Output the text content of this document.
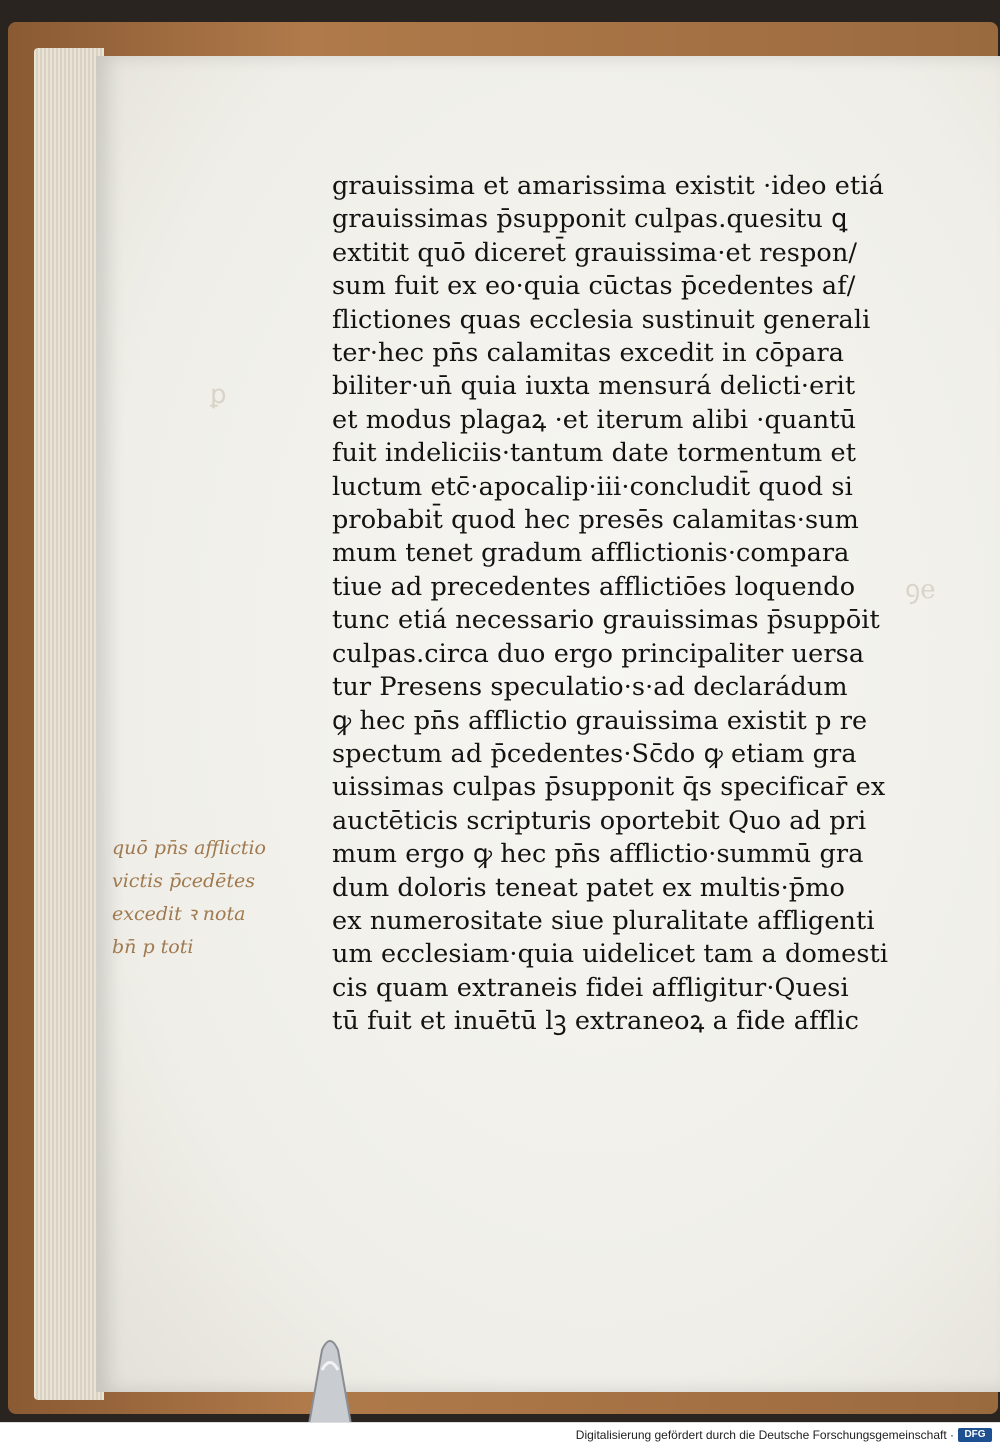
ꝑ
ꝯe
grauissima et amarissima existit ·ideo etiá
grauissimas p̄supponit culpas.quesitu ꝗ
extitit quō diceret̄ grauissima·et respon/
sum fuit ex eo·quia cūctas p̄cedentes af/
flictiones quas ecclesia sustinuit generali
ter·hec pn̄s calamitas excedit in cōpara
biliter·un̄ quia iuxta mensurá delicti·erit
et modus plagaꝝ ·et iterum alibi ·quantū
fuit indeliciis·tantum date tormentum et
luctum etc̄·apocalip·iii·concludit̄ quod si
probabit̄ quod hec presēs calamitas·sum
mum tenet gradum afflictionis·compara
tiue ad precedentes afflictiōes loquendo
tunc etiá necessario grauissimas p̄suppōit
culpas.circa duo ergo principaliter uersa
tur Presens speculatio·s·ad declarádum
ꝙ hec pn̄s afflictio grauissima existit p re
spectum ad p̄cedentes·Sc̄do ꝙ etiam gra
uissimas culpas p̄supponit q̄s specificar̄ ex
auctēticis scripturis oportebit Quo ad pri
mum ergo ꝙ hec pn̄s afflictio·summū gra
dum doloris teneat patet ex multis·p̄mo
ex numerositate siue pluralitate affligenti
um ecclesiam·quia uidelicet tam a domesti
cis quam extraneis fidei affligitur·Quesi
tū fuit et inuētū lꝫ extraneoꝝ a fide afflic
quō pn̄s afflictio
victis p̄cedētes
excedit ꝛ nota
bn̄ p toti
Digitalisierung gefördert durch die Deutsche Forschungsgemeinschaft ·	DFG
